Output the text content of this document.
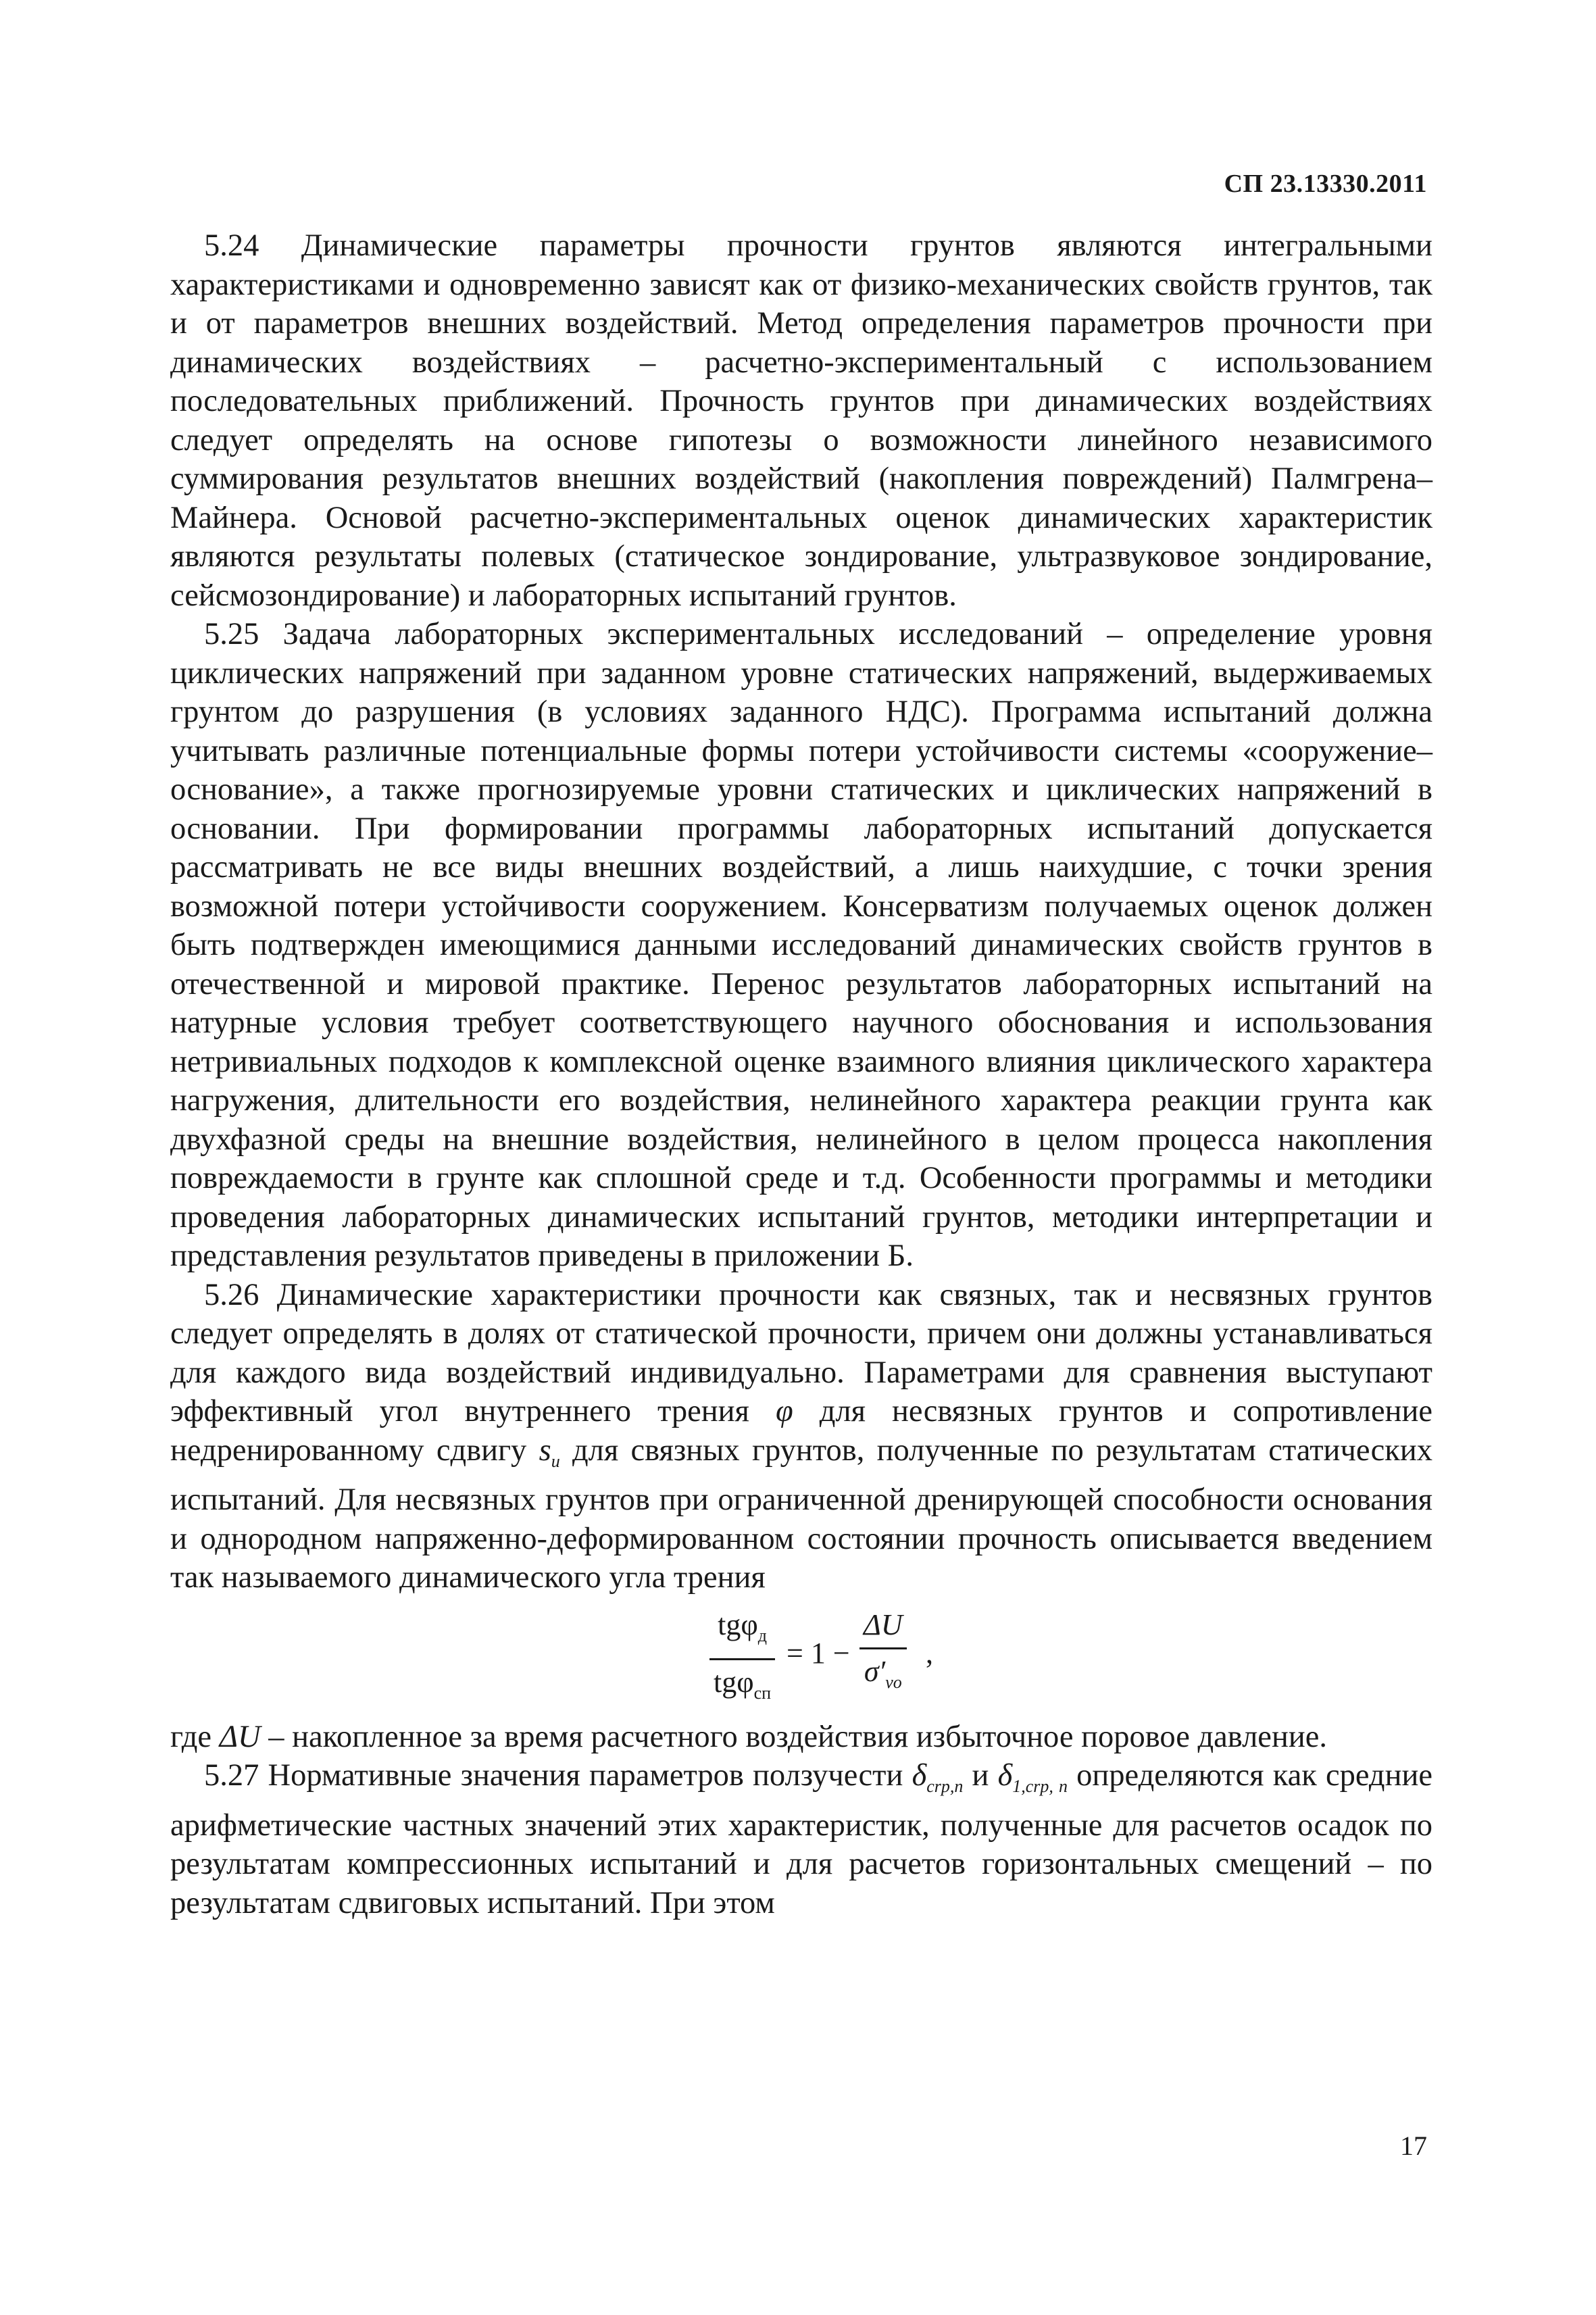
СП 23.13330.2011

5.24 Динамические параметры прочности грунтов являются интегральными характеристиками и одновременно зависят как от физико-механических свойств грунтов, так и от параметров внешних воздействий. Метод определения параметров прочности при динамических воздействиях – расчетно-экспериментальный с использованием последовательных приближений. Прочность грунтов при динамических воздействиях следует определять на основе гипотезы о возможности линейного независимого суммирования результатов внешних воздействий (накопления повреждений) Палмгрена–Майнера. Основой расчетно-экспериментальных оценок динамических характеристик являются результаты полевых (статическое зондирование, ультразвуковое зондирование, сейсмозондирование) и лабораторных испытаний грунтов.

5.25 Задача лабораторных экспериментальных исследований – определение уровня циклических напряжений при заданном уровне статических напряжений, выдерживаемых грунтом до разрушения (в условиях заданного НДС). Программа испытаний должна учитывать различные потенциальные формы потери устойчивости системы «сооружение–основание», а также прогнозируемые уровни статических и циклических напряжений в основании. При формировании программы лабораторных испытаний допускается рассматривать не все виды внешних воздействий, а лишь наихудшие, с точки зрения возможной потери устойчивости сооружением. Консерватизм получаемых оценок должен быть подтвержден имеющимися данными исследований динамических свойств грунтов в отечественной и мировой практике. Перенос результатов лабораторных испытаний на натурные условия требует соответствующего научного обоснования и использования нетривиальных подходов к комплексной оценке взаимного влияния циклического характера нагружения, длительности его воздействия, нелинейного характера реакции грунта как двухфазной среды на внешние воздействия, нелинейного в целом процесса накопления повреждаемости в грунте как сплошной среде и т.д. Особенности программы и методики проведения лабораторных динамических испытаний грунтов, методики интерпретации и представления результатов приведены в приложении Б.

5.26 Динамические характеристики прочности как связных, так и несвязных грунтов следует определять в долях от статической прочности, причем они должны устанавливаться для каждого вида воздействий индивидуально. Параметрами для сравнения выступают эффективный угол внутреннего трения φ для несвязных грунтов и сопротивление недренированному сдвигу $s_u$ для связных грунтов, полученные по результатам статических испытаний. Для несвязных грунтов при ограниченной дренирующей способности основания и однородном напряженно-деформированном состоянии прочность описывается введением так называемого динамического угла трения

tgφ$_д$
tgφ$_{сп}$
= 1 −
ΔU
$\sigma'_{vo}$
,

где ΔU – накопленное за время расчетного воздействия избыточное поровое давление.

5.27 Нормативные значения параметров ползучести $\delta_{crp,n}$ и $\delta_{1,crp, n}$ определяются как средние арифметические частных значений этих характеристик, полученные для расчетов осадок по результатам компрессионных испытаний и для расчетов горизонтальных смещений – по результатам сдвиговых испытаний. При этом

17
